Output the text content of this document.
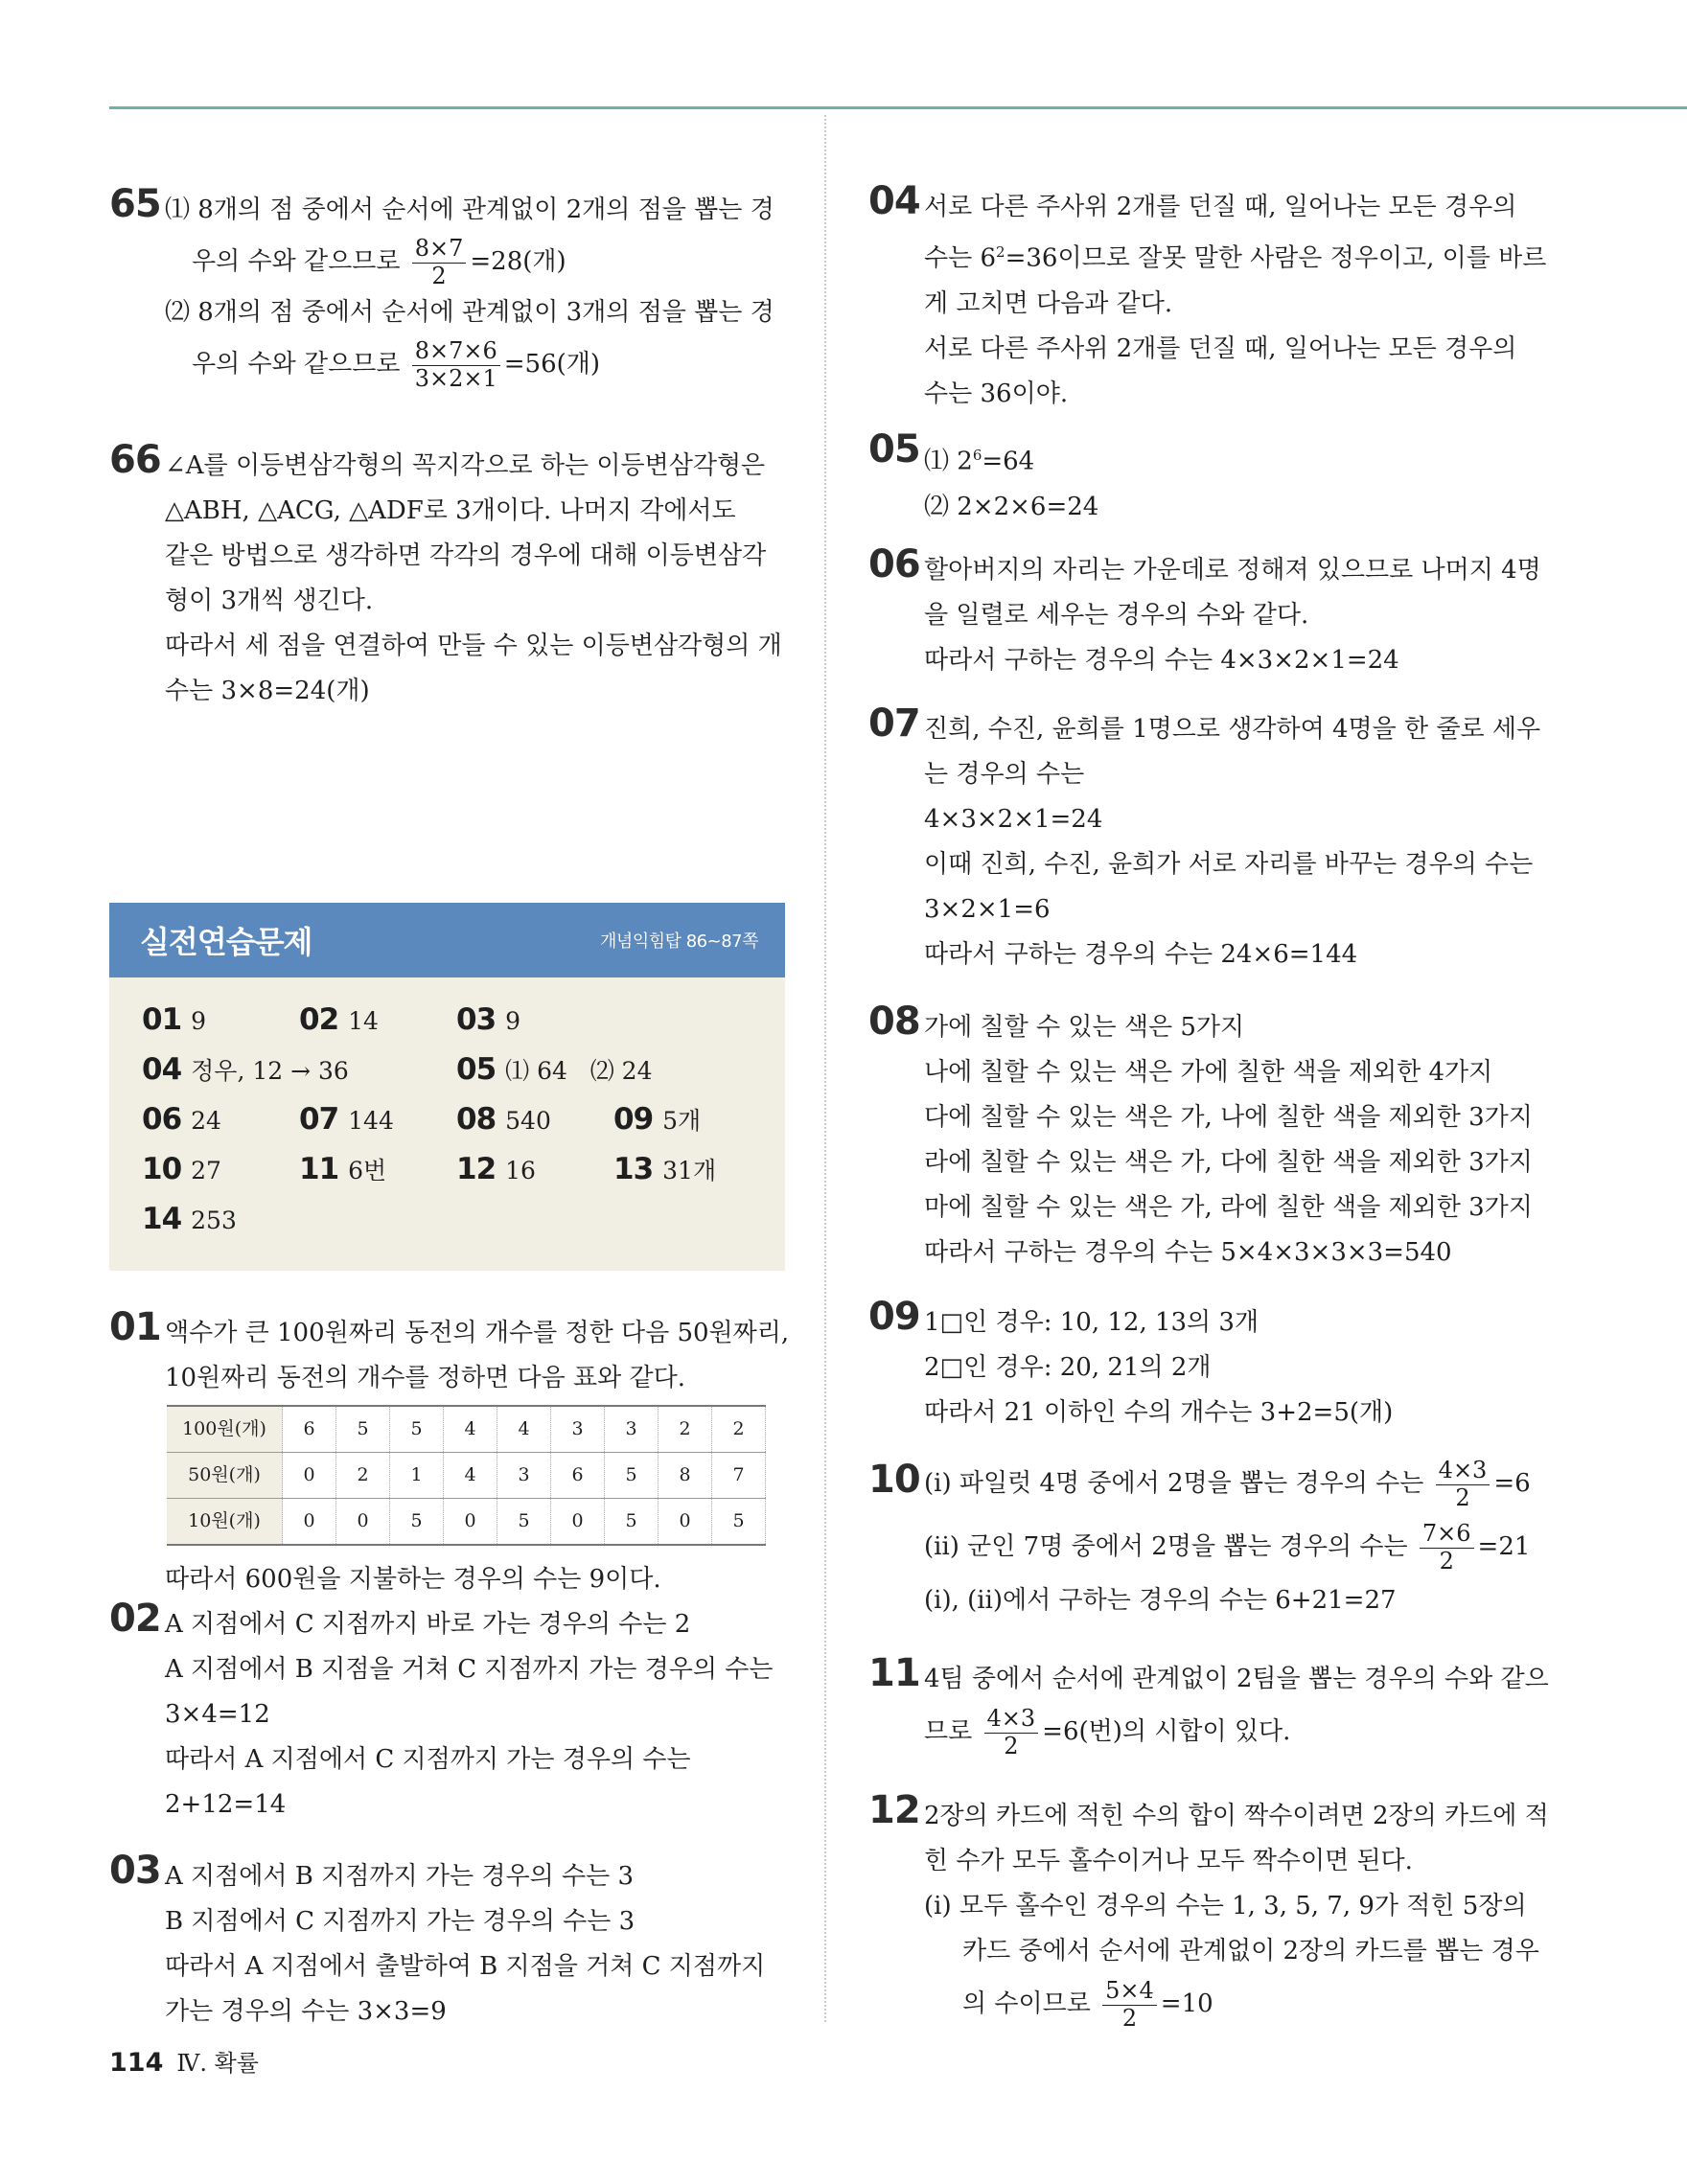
65 ⑴ 8개의 점 중에서 순서에 관계없이 2개의 점을 뽑는 경
우의 수와 같으므로 $\frac{8\times 7}{2} =28$(개)
⑵ 8개의 점 중에서 순서에 관계없이 3개의 점을 뽑는 경
우의 수와 같으므로 $\frac{8\times 7\times 6}{3\times 2\times 1} =56$(개)
66 ∠A를 이등변삼각형의 꼭지각으로 하는 이등변삼각형은
△ABH, △ACG, △ADF로 3개이다. 나머지 각에서도
같은 방법으로 생각하면 각각의 경우에 대해 이등변삼각
형이 3개씩 생긴다.
따라서 세 점을 연결하여 만들 수 있는 이등변삼각형의 개
수는 3×8=24(개)
01 액수가 큰 100원짜리 동전의 개수를 정한 다음 50원짜리,
10원짜리 동전의 개수를 정하면 다음 표와 같다.
100원(개)	6	5	5	4	4	3	3	2	2
50원(개)	0	2	1	4	3	6	5	8	7
10원(개)	0	0	5	0	5	0	5	0	5
따라서 600원을 지불하는 경우의 수는 9이다.
02 A 지점에서 C 지점까지 바로 가는 경우의 수는 2
A 지점에서 B 지점을 거쳐 C 지점까지 가는 경우의 수는
3×4=12
따라서 A 지점에서 C 지점까지 가는 경우의 수는
2+12=14
03 A 지점에서 B 지점까지 가는 경우의 수는 3
B 지점에서 C 지점까지 가는 경우의 수는 3
따라서 A 지점에서 출발하여 B 지점을 거쳐 C 지점까지
가는 경우의 수는 3×3=9
실전연습문제	개념익힘탑 86~87쪽
01 9	02 14	03 9
04 정우, 12 → 36	05 ⑴ 64   ⑵ 24
06 24	07 144 08 540 09 5개
10 27	11 6번 12 16	13 31개
14 253
04 서로 다른 주사위 2개를 던질 때, 일어나는 모든 경우의
수는 $6^2=36$이므로 잘못 말한 사람은 정우이고, 이를 바르
게 고치면 다음과 같다.
서로 다른 주사위 2개를 던질 때, 일어나는 모든 경우의
수는 36이야.
05 ⑴ $2^6=64$
⑵ 2×2×6=24
06 할아버지의 자리는 가운데로 정해져 있으므로 나머지 4명
을 일렬로 세우는 경우의 수와 같다.
따라서 구하는 경우의 수는 4×3×2×1=24
07 진희, 수진, 윤희를 1명으로 생각하여 4명을 한 줄로 세우
는 경우의 수는
4×3×2×1=24
이때 진희, 수진, 윤희가 서로 자리를 바꾸는 경우의 수는
3×2×1=6
따라서 구하는 경우의 수는 24×6=144
08 가에 칠할 수 있는 색은 5가지
나에 칠할 수 있는 색은 가에 칠한 색을 제외한 4가지
다에 칠할 수 있는 색은 가, 나에 칠한 색을 제외한 3가지
라에 칠할 수 있는 색은 가, 다에 칠한 색을 제외한 3가지
마에 칠할 수 있는 색은 가, 라에 칠한 색을 제외한 3가지
따라서 구하는 경우의 수는 5×4×3×3×3=540
09 1□인 경우: 10, 12, 13의 3개
2□인 경우: 20, 21의 2개
따라서 21 이하인 수의 개수는 3+2=5(개)
10 (ⅰ) 파일럿 4명 중에서 2명을 뽑는 경우의 수는 $\frac{4\times 3}{2} =6$
(ⅱ) 군인 7명 중에서 2명을 뽑는 경우의 수는 $\frac{7\times 6}{2} =21$
(ⅰ), (ⅱ)에서 구하는 경우의 수는 6+21=27
11 4팀 중에서 순서에 관계없이 2팀을 뽑는 경우의 수와 같으
므로 $\frac{4\times 3}{2} =6$(번)의 시합이 있다.
12 2장의 카드에 적힌 수의 합이 짝수이려면 2장의 카드에 적
힌 수가 모두 홀수이거나 모두 짝수이면 된다.
(ⅰ) 모두 홀수인 경우의 수는 1, 3, 5, 7, 9가 적힌 5장의
카드 중에서 순서에 관계없이 2장의 카드를 뽑는 경우
의 수이므로 $\frac{5\times 4}{2} =10$
114 Ⅳ. 확률
